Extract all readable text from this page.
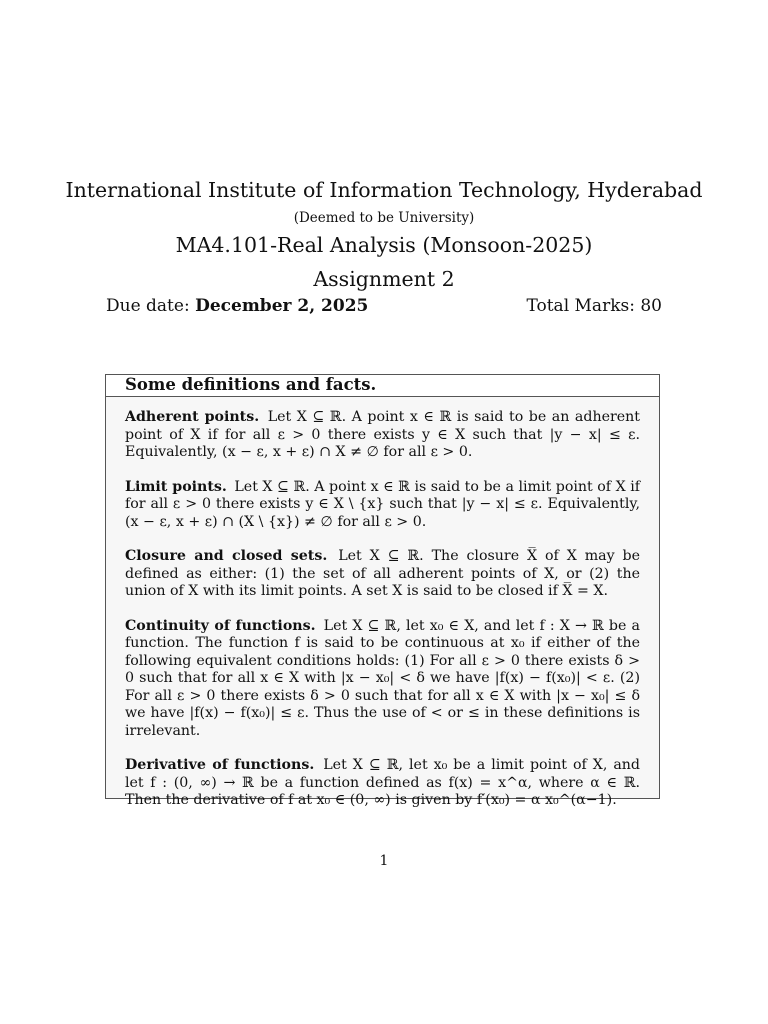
International Institute of Information Technology, Hyderabad
(Deemed to be University)
MA4.101-Real Analysis (Monsoon-2025)
Assignment 2
Due date: December 2, 2025	Total Marks: 80
Some definitions and facts.

Adherent points. Let X ⊆ ℝ. A point x ∈ ℝ is said to be an adherent point of X if for all ε > 0 there exists y ∈ X such that |y − x| ≤ ε. Equivalently, (x − ε, x + ε) ∩ X ≠ ∅ for all ε > 0.

Limit points. Let X ⊆ ℝ. A point x ∈ ℝ is said to be a limit point of X if for all ε > 0 there exists y ∈ X \ {x} such that |y − x| ≤ ε. Equivalently, (x − ε, x + ε) ∩ (X \ {x}) ≠ ∅ for all ε > 0.

Closure and closed sets. Let X ⊆ ℝ. The closure X̅ of X may be defined as either: (1) the set of all adherent points of X, or (2) the union of X with its limit points. A set X is said to be closed if X̅ = X.

Continuity of functions. Let X ⊆ ℝ, let x₀ ∈ X, and let f : X → ℝ be a function. The function f is said to be continuous at x₀ if either of the following equivalent conditions holds: (1) For all ε > 0 there exists δ > 0 such that for all x ∈ X with |x − x₀| < δ we have |f(x) − f(x₀)| < ε. (2) For all ε > 0 there exists δ > 0 such that for all x ∈ X with |x − x₀| ≤ δ we have |f(x) − f(x₀)| ≤ ε. Thus the use of < or ≤ in these definitions is irrelevant.

Derivative of functions. Let X ⊆ ℝ, let x₀ be a limit point of X, and let f : (0, ∞) → ℝ be a function defined as f(x) = x^α, where α ∈ ℝ. Then the derivative of f at x₀ ∈ (0, ∞) is given by f′(x₀) = α x₀^(α−1).

1
